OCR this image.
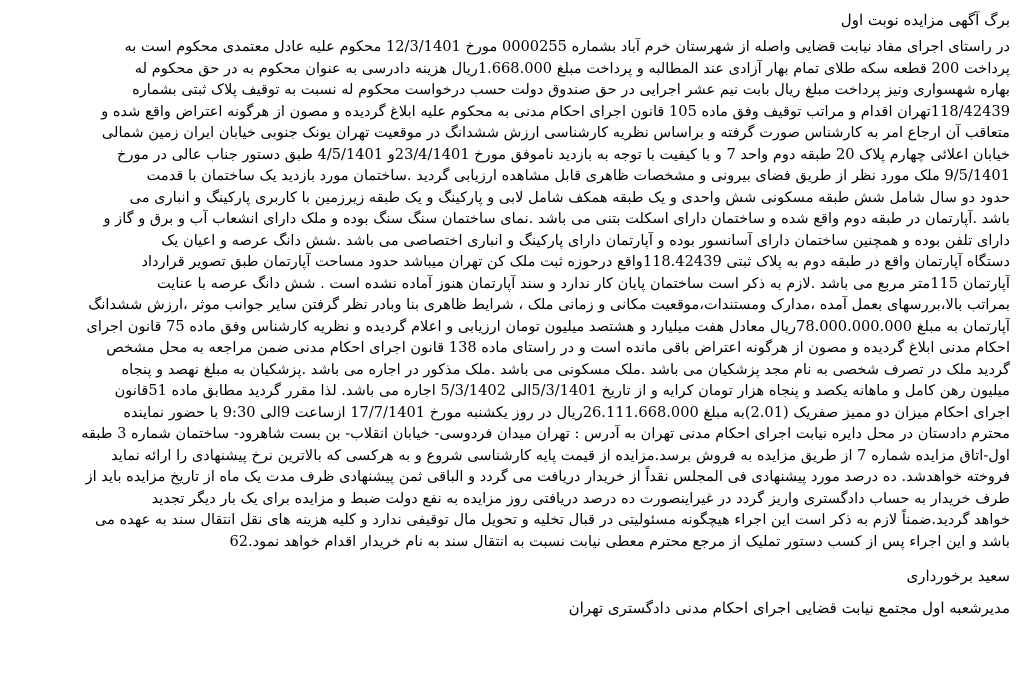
برگ آگهی مزایده نوبت اول
در راستای اجرای مفاد نیابت قضایی واصله از شهرستان خرم آباد بشماره 0000255 مورخ 12/3/1401 محکوم علیه عادل معتمدی محکوم است به
پرداخت 200 قطعه سکه طلای تمام بهار آزادی عند المطالبه و پرداخت مبلغ 1.668.000ریال هزینه دادرسی به عنوان محکوم به در حق محکوم له
بهاره شهسواری ونیز پرداخت مبلغ ریال بابت نیم عشر اجرایی در حق صندوق دولت حسب درخواست محکوم له نسبت به توقیف پلاک ثبتی بشماره
118/42439تهران اقدام و مراتب توقیف وفق ماده 105 قانون اجرای احکام مدنی به محکوم علیه ابلاغ گردیده و مصون از هرگونه اعتراض واقع شده و
متعاقب آن ارجاع امر به کارشناس صورت گرفته و براساس نظریه کارشناسی ارزش ششدانگ در موقعیت تهران یونک جنوبی خیابان ایران زمین شمالی
خیابان اعلائی چهارم پلاک 20 طبقه دوم واحد 7 و با کیفیت با توجه به بازدید ناموفق مورخ 23/4/1401و 4/5/1401 طبق دستور جناب عالی در مورخ
9/5/1401 ملک مورد نظر از طریق فضای بیرونی و مشخصات ظاهری قابل مشاهده ارزیابی گردید .ساختمان مورد بازدید یک ساختمان با قدمت
حدود دو سال شامل شش طبقه مسکونی شش واحدی و یک طبقه همکف شامل لابی و پارکینگ و یک طبقه زیرزمین با کاربری پارکینگ و انباری می
باشد .آپارتمان در طبقه دوم واقع شده و ساختمان دارای اسکلت بتنی می باشد .نمای ساختمان سنگ سنگ بوده و ملک دارای انشعاب آب و برق و گاز و
دارای تلفن بوده و همچنین ساختمان دارای آسانسور بوده و آپارتمان دارای پارکینگ و انباری اختصاصی می باشد .شش دانگ عرصه و اعیان یک
دستگاه آپارتمان واقع در طبقه دوم به پلاک ثبتی 118.42439واقع درحوزه ثبت ملک کن تهران میباشد حدود مساحت آپارتمان طبق تصویر قرارداد
آپارتمان 115متر مربع می باشد .لازم به ذکر است ساختمان پایان کار ندارد و سند آپارتمان هنوز آماده نشده است . شش دانگ عرصه با عنایت
بمراتب بالا،بررسهای بعمل آمده ،مدارک ومستندات،موقعیت مکانی و زمانی ملک ، شرایط ظاهری بنا وبادر نظر گرفتن سایر جوانب موثر ،ارزش ششدانگ
آپارتمان به مبلغ 78.000.000.000ریال معادل هفت میلیارد و هشتصد میلیون تومان ارزیابی و اعلام گردیده و نظریه کارشناس وفق ماده 75 قانون اجرای
احکام مدنی ابلاغ گردیده و مصون از هرگونه اعتراض باقی مانده است و در راستای ماده 138 قانون اجرای احکام مدنی ضمن مراجعه به محل مشخص
گردید ملک در تصرف شخصی به نام مجد پزشکیان می باشد .ملک مسکونی می باشد .ملک مذکور در اجاره می باشد .پزشکیان به مبلغ نهصد و پنجاه
میلیون رهن کامل و ماهانه یکصد و پنجاه هزار تومان کرایه و از تاریخ 5/3/1401الی 5/3/1402 اجاره می باشد. لذا مقرر گردید مطابق ماده 51قانون
اجرای احکام میزان دو ممیز صفریک (2.01)به مبلغ 26.111.668.000ریال در روز یکشنبه مورخ 17/7/1401 ازساعت 9الی 9:30 با حضور نماینده
محترم دادستان در محل دایره نیابت اجرای احکام مدنی تهران به آدرس : تهران میدان فردوسی- خیابان انقلاب- بن بست شاهرود- ساختمان شماره 3 طبقه
اول-اتاق مزایده شماره 7 از طریق مزایده به فروش برسد.مزایده از قیمت پایه کارشناسی شروع و به هرکسی که بالاترین نرخ پیشنهادی را ارائه نماید
فروخته خواهدشد. ده درصد مورد پیشنهادی فی المجلس نقداً از خریدار دریافت می گردد و الباقی ثمن پیشنهادی ظرف مدت یک ماه از تاریخ مزایده باید از
طرف خریدار به حساب دادگستری واریز گردد در غیراینصورت ده درصد دریافتی روز مزایده به نفع دولت ضبط و مزایده برای یک بار دیگر تجدید
خواهد گردید.ضمناً لازم به ذکر است این اجراء هیچگونه مسئولیتی در قبال تخلیه و تحویل مال توقیفی ندارد و کلیه هزینه های نقل انتقال سند به عهده می
باشد و این اجراء پس از کسب دستور تملیک از مرجع محترم معطی نیابت نسبت به انتقال سند به نام خریدار اقدام خواهد نمود.62
سعید برخورداری
مدیرشعبه اول مجتمع نیابت قضایی اجرای احکام مدنی دادگستری تهران
